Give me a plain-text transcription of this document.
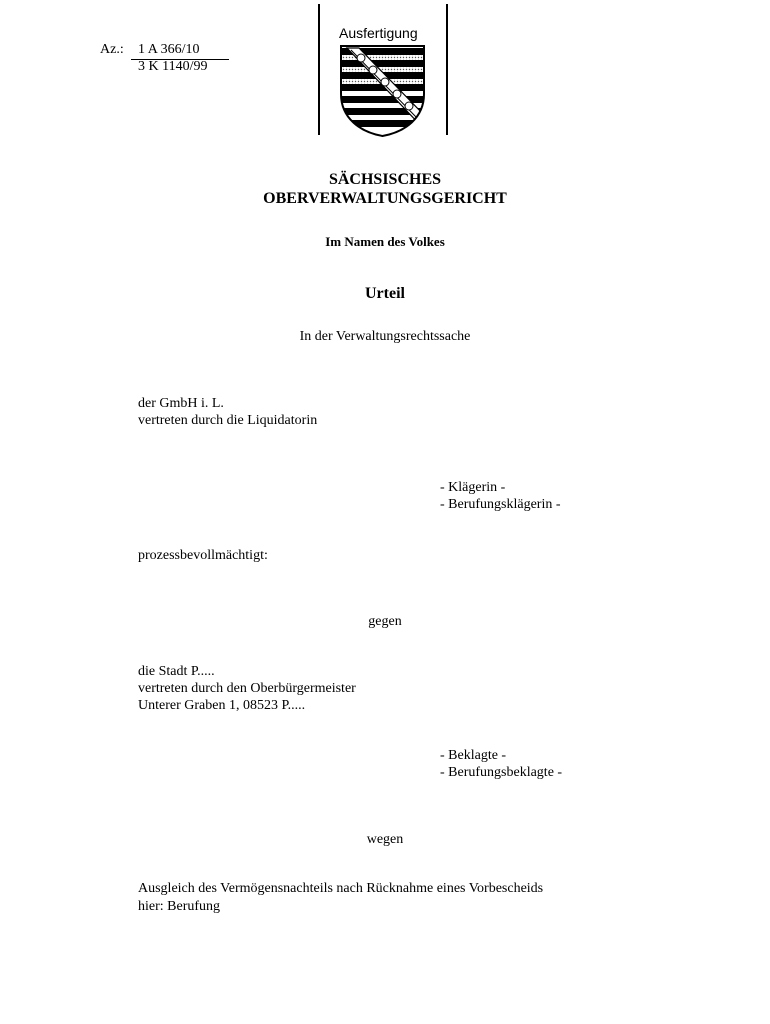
Az.: 1 A 366/10
3 K 1140/99
Ausfertigung
SÄCHSISCHES
OBERVERWALTUNGSGERICHT
Im Namen des Volkes
Urteil
In der Verwaltungsrechtssache
der GmbH i. L.
vertreten durch die Liquidatorin
- Klägerin -
- Berufungsklägerin -
prozessbevollmächtigt:
gegen
die Stadt P.....
vertreten durch den Oberbürgermeister
Unterer Graben 1, 08523 P.....
- Beklagte -
- Berufungsbeklagte -
wegen
Ausgleich des Vermögensnachteils nach Rücknahme eines Vorbescheids
hier: Berufung
